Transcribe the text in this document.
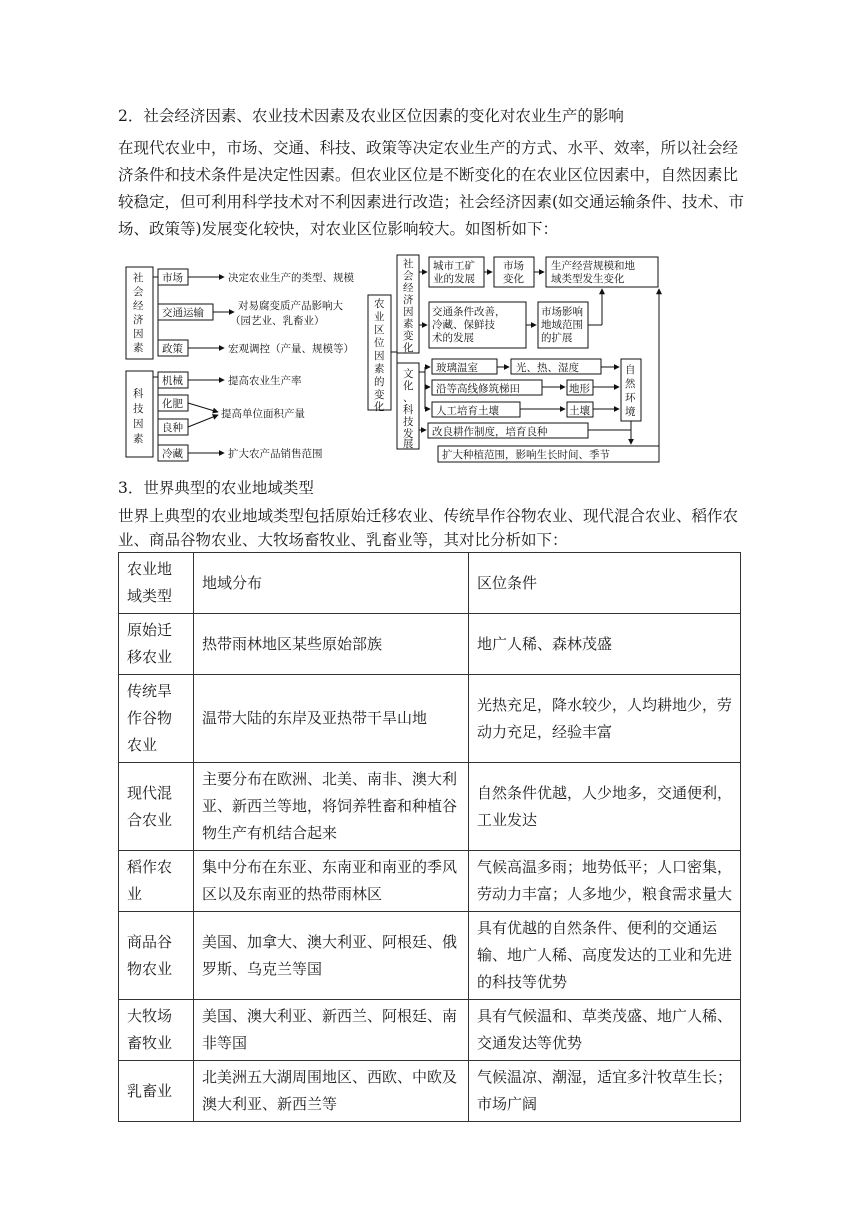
2．社会经济因素、农业技术因素及农业区位因素的变化对农业生产的影响
在现代农业中，市场、交通、科技、政策等决定农业生产的方式、水平、效率，所以社会经
济条件和技术条件是决定性因素。但农业区位是不断变化的在农业区位因素中，自然因素比
较稳定，但可利用科学技术对不利因素进行改造；社会经济因素(如交通运输条件、技术、市
场、政策等)发展变化较快，对农业区位影响较大。如图析如下：
社
会
经
济
因
素
科
技
因
素
市场	决定农业生产的类型、规模
交通运输
对易腐变质产品影响大
（园艺业、乳畜业）
政策	宏观调控（产量、规模等）
机械	提高农业生产率
化肥
提高单位面积产量
良种
冷藏	扩大农产品销售范围
农
业
区
位
因
素
的
变
化
社
会
经
济
因
素
变
化
文
化
、
科
技
发
展
城市工矿
业的发展
市场
变化
生产经营规模和地
域类型发生变化
交通条件改善，
冷藏、保鲜技
术的发展
市场影响
地域范围
的扩展
玻璃温室	光、热、湿度
沿等高线修筑梯田	地形
人工培育土壤	土壤
自
然
环
境
改良耕作制度，培育良种
扩大种植范围，影响生长时间、季节
3．世界典型的农业地域类型
世界上典型的农业地域类型包括原始迁移农业、传统旱作谷物农业、现代混合农业、稻作农
业、商品谷物农业、大牧场畜牧业、乳畜业等，其对比分析如下：
农业地域类型	地域分布	区位条件
原始迁移农业	热带雨林地区某些原始部族	地广人稀、森林茂盛
传统旱作谷物农业	温带大陆的东岸及亚热带干旱山地	光热充足，降水较少，人均耕地少，劳动力充足，经验丰富
现代混合农业	主要分布在欧洲、北美、南非、澳大利亚、新西兰等地，将饲养牲畜和种植谷物生产有机结合起来	自然条件优越，人少地多，交通便利，工业发达
稻作农业	集中分布在东亚、东南亚和南亚的季风区以及东南亚的热带雨林区	气候高温多雨；地势低平；人口密集，劳动力丰富；人多地少，粮食需求量大
商品谷物农业	美国、加拿大、澳大利亚、阿根廷、俄罗斯、乌克兰等国	具有优越的自然条件、便利的交通运输、地广人稀、高度发达的工业和先进的科技等优势
大牧场畜牧业	美国、澳大利亚、新西兰、阿根廷、南非等国	具有气候温和、草类茂盛、地广人稀、交通发达等优势
乳畜业	北美洲五大湖周围地区、西欧、中欧及澳大利亚、新西兰等	气候温凉、潮湿，适宜多汁牧草生长；市场广阔
